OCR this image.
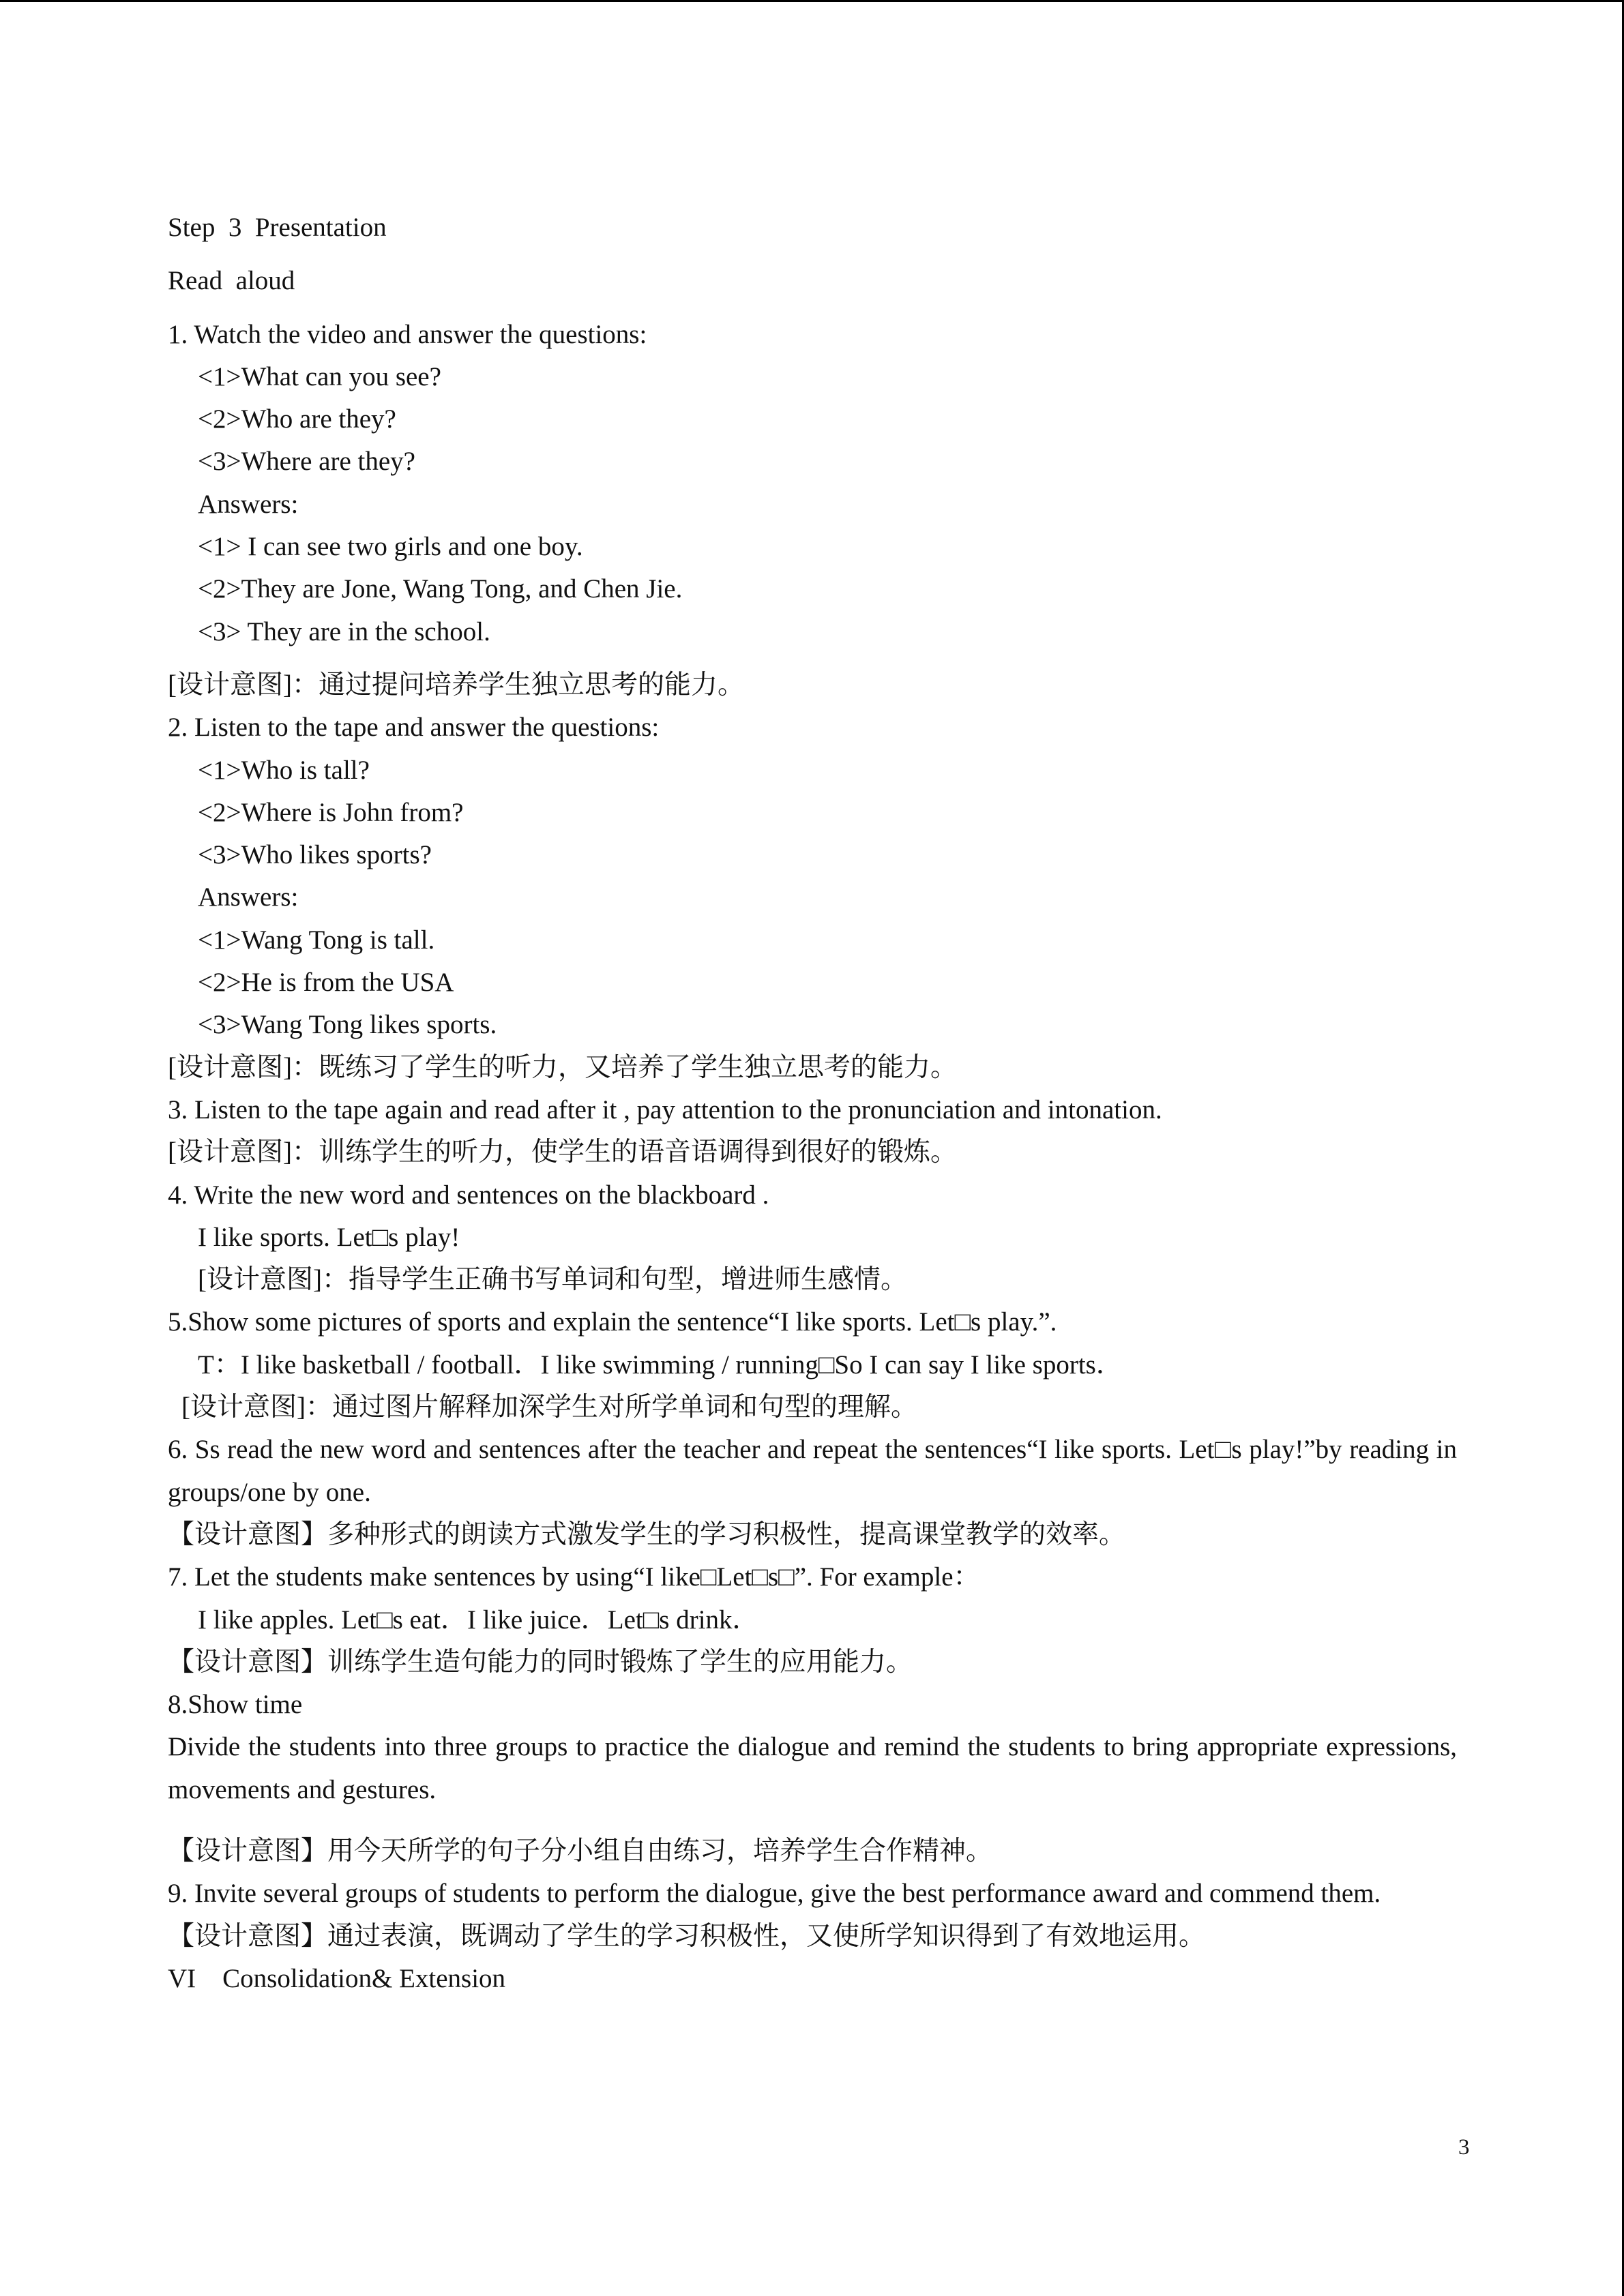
Step  3  Presentation
Read  aloud
1. Watch the video and answer the questions:
<1>What can you see?
<2>Who are they?
<3>Where are they?
Answers:
<1> I can see two girls and one boy.
<2>They are Jone, Wang Tong, and Chen Jie.
<3> They are in the school.
[设计意图]：通过提问培养学生独立思考的能力。
2. Listen to the tape and answer the questions:
<1>Who is tall?
<2>Where is John from?
<3>Who likes sports?
Answers:
<1>Wang Tong is tall.
<2>He is from the USA
<3>Wang Tong likes sports.
[设计意图]：既练习了学生的听力，又培养了学生独立思考的能力。
3. Listen to the tape again and read after it , pay attention to the pronunciation and intonation.
[设计意图]：训练学生的听力，使学生的语音语调得到很好的锻炼。
4. Write the new word and sentences on the blackboard .
I like sports. Let□s play!
[设计意图]：指导学生正确书写单词和句型，增进师生感情。
5.Show some pictures of sports and explain the sentence“I like sports. Let□s play.”.
T：I like basketball / football．I like swimming / running□So I can say I like sports．
[设计意图]：通过图片解释加深学生对所学单词和句型的理解。
6. Ss read the new word and sentences after the teacher and repeat the sentences“I like sports. Let□s play!”by reading in groups/one by one.
【设计意图】多种形式的朗读方式激发学生的学习积极性，提高课堂教学的效率。
7. Let the students make sentences by using“I like□Let□s□”. For example：
I like apples. Let□s eat．I like juice．Let□s drink．
【设计意图】训练学生造句能力的同时锻炼了学生的应用能力。
8.Show time
Divide the students into three groups to practice the dialogue and remind the students to bring appropriate expressions, movements and gestures.
【设计意图】用今天所学的句子分小组自由练习，培养学生合作精神。
9. Invite several groups of students to perform the dialogue, give the best performance award and commend them.
【设计意图】通过表演，既调动了学生的学习积极性，又使所学知识得到了有效地运用。
VI    Consolidation& Extension
3
